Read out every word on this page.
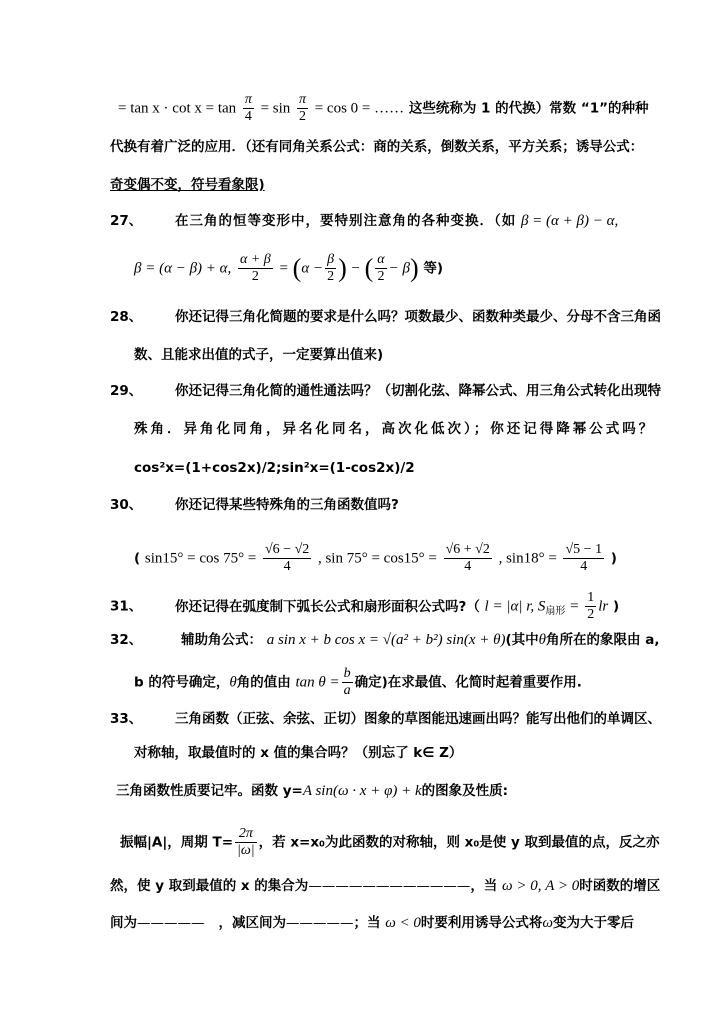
= $\tan x \cdot \cot x = \tan \frac{\pi}{4} = \sin \frac{\pi}{2} = \cos 0$ = …… 这些统称为 1 的代换）常数 “1”的种种
代换有着广泛的应用．（还有同角关系公式：商的关系，倒数关系，平方关系；诱导公式：
奇变偶不变，符号看象限)
27、 在三角的恒等变形中，要特别注意角的各种变换．（如 β = (α + β) − α,
β = (α − β) + α, $\frac{\alpha + \beta}{2} = (\alpha - \frac{\beta}{2}$ ) − ( $\frac{\alpha}{2} - \beta$) 等)
28、 你还记得三角化简题的要求是什么吗？项数最少、函数种类最少、分母不含三角函
数、且能求出值的式子，一定要算出值来)
29、 你还记得三角化简的通性通法吗？（切割化弦、降幂公式、用三角公式转化出现特
殊角．异角化同角，异名化同名，高次化低次）；你还记得降幂公式吗？
cos²x=(1+cos2x)/2;sin²x=(1-cos2x)/2
30、 你还记得某些特殊角的三角函数值吗?
( $\sin 15^\circ = \cos 75^\circ = \frac{√6 - √2}{4}$ , $\sin 75^\circ = \cos 15^\circ = \frac{√6 + √2}{4}$ , $\sin 18^\circ = \frac{√5 - 1}{4}$ )
31、 你还记得在弧度制下弧长公式和扇形面积公式吗?（ l = |α| r, $S_{扇形} = \frac{1}{2}$ lr )
32、	辅助角公式： a sin x + b cos x = √(a² + b²) sin(x + θ)(其中θ角所在的象限由 a,
b 的符号确定，θ角的值由 $\tan \theta = \frac{b}{a}$ 确定)在求最值、化简时起着重要作用.
33、 三角函数（正弦、余弦、正切）图象的草图能迅速画出吗？能写出他们的单调区、
对称轴，取最值时的 x 值的集合吗？（别忘了 k∈ Z）
三角函数性质要记牢。函数 y=A sin(ω · x + φ) + k的图象及性质:
振幅|A|，周期 $T= \frac{2\pi}{|\omega|}$ ，若 x=x₀为此函数的对称轴，则 x₀是使 y 取到最值的点，反之亦
然，使 y 取到最值的 x 的集合为————————————，当 ω > 0, A > 0时函数的增区
间为————— ，减区间为—————；当 ω < 0时要利用诱导公式将ω变为大于零后
